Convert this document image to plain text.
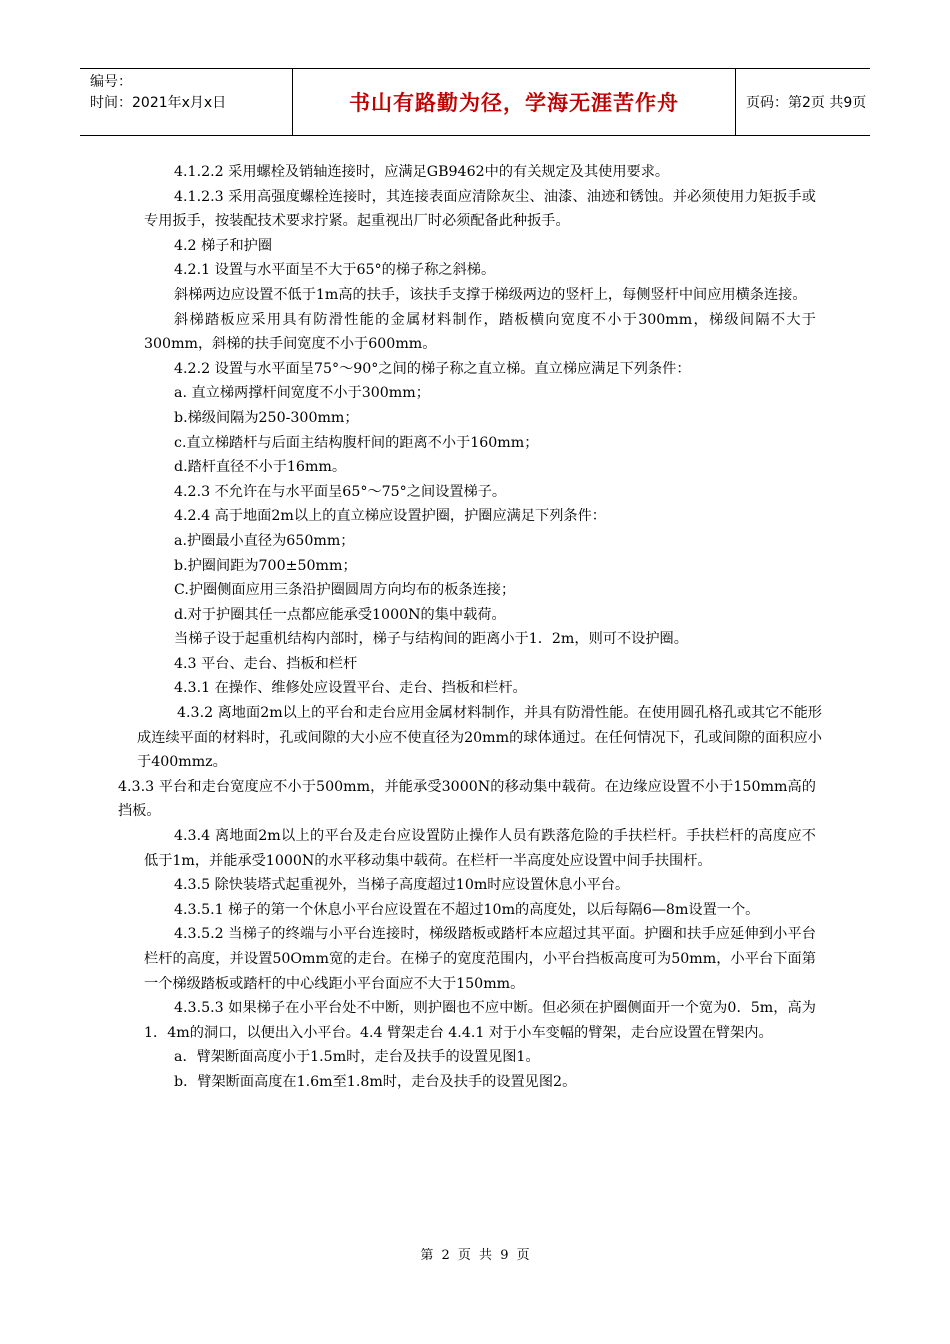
编号：
时间：2021年x月x日	书山有路勤为径，学海无涯苦作舟	页码：第2页 共9页

4.1.2.2 采用螺栓及销轴连接时，应满足GB9462中的有关规定及其使用要求。

4.1.2.3 采用高强度螺栓连接时，其连接表面应清除灰尘、油漆、油迹和锈蚀。并必须使用力矩扳手或专用扳手，按装配技术要求拧紧。起重视出厂时必须配备此种扳手。

4.2 梯子和护圈

4.2.1 设置与水平面呈不大于65°的梯子称之斜梯。

斜梯两边应设置不低于1m高的扶手，该扶手支撑于梯级两边的竖杆上，每侧竖杆中间应用横条连接。

斜梯踏板应采用具有防滑性能的金属材料制作，踏板横向宽度不小于300mm，梯级间隔不大于300mm，斜梯的扶手间宽度不小于600mm。

4.2.2 设置与水平面呈75°～90°之间的梯子称之直立梯。直立梯应满足下列条件：

a. 直立梯两撑杆间宽度不小于300mm；

b.梯级间隔为250-300mm；

c.直立梯踏杆与后面主结构腹杆间的距离不小于160mm；

d.踏杆直径不小于16mm。

4.2.3 不允许在与水平面呈65°～75°之间设置梯子。

4.2.4 高于地面2m以上的直立梯应设置护圈，护圈应满足下列条件：

a.护圈最小直径为650mm；

b.护圈间距为700±50mm；

C.护圈侧面应用三条沿护圈圆周方向均布的板条连接；

d.对于护圈其任一点都应能承受1000N的集中载荷。

当梯子设于起重机结构内部时，梯子与结构间的距离小于1．2m，则可不设护圈。

4.3 平台、走台、挡板和栏杆

4.3.1 在操作、维修处应设置平台、走台、挡板和栏杆。

4.3.2 离地面2m以上的平台和走台应用金属材料制作，并具有防滑性能。在使用圆孔格孔或其它不能形成连续平面的材料时，孔或间隙的大小应不使直径为20mm的球体通过。在任何情况下，孔或间隙的面积应小于400mmz。

4.3.3 平台和走台宽度应不小于500mm，并能承受3000N的移动集中载荷。在边缘应设置不小于150mm高的挡板。

4.3.4 离地面2m以上的平台及走台应设置防止操作人员有跌落危险的手扶栏杆。手扶栏杆的高度应不低于1m，并能承受1000N的水平移动集中载荷。在栏杆一半高度处应设置中间手扶围杆。

4.3.5 除快装塔式起重视外，当梯子高度超过10m时应设置休息小平台。

4.3.5.1 梯子的第一个休息小平台应设置在不超过10m的高度处，以后每隔6—8m设置一个。

4.3.5.2 当梯子的终端与小平台连接时，梯级踏板或踏杆本应超过其平面。护圈和扶手应延伸到小平台栏杆的高度，并设置50Omm宽的走台。在梯子的宽度范围内，小平台挡板高度可为50mm，小平台下面第一个梯级踏板或踏杆的中心线距小平台面应不大于150mm。

4.3.5.3 如果梯子在小平台处不中断，则护圈也不应中断。但必须在护圈侧面开一个宽为0．5m，高为1．4m的洞口，以便出入小平台。4.4 臂架走台 4.4.1 对于小车变幅的臂架，走台应设置在臂架内。

a．臂架断面高度小于1.5m时，走台及扶手的设置见图1。

b．臂架断面高度在1.6m至1.8m时，走台及扶手的设置见图2。

第 2 页 共 9 页
